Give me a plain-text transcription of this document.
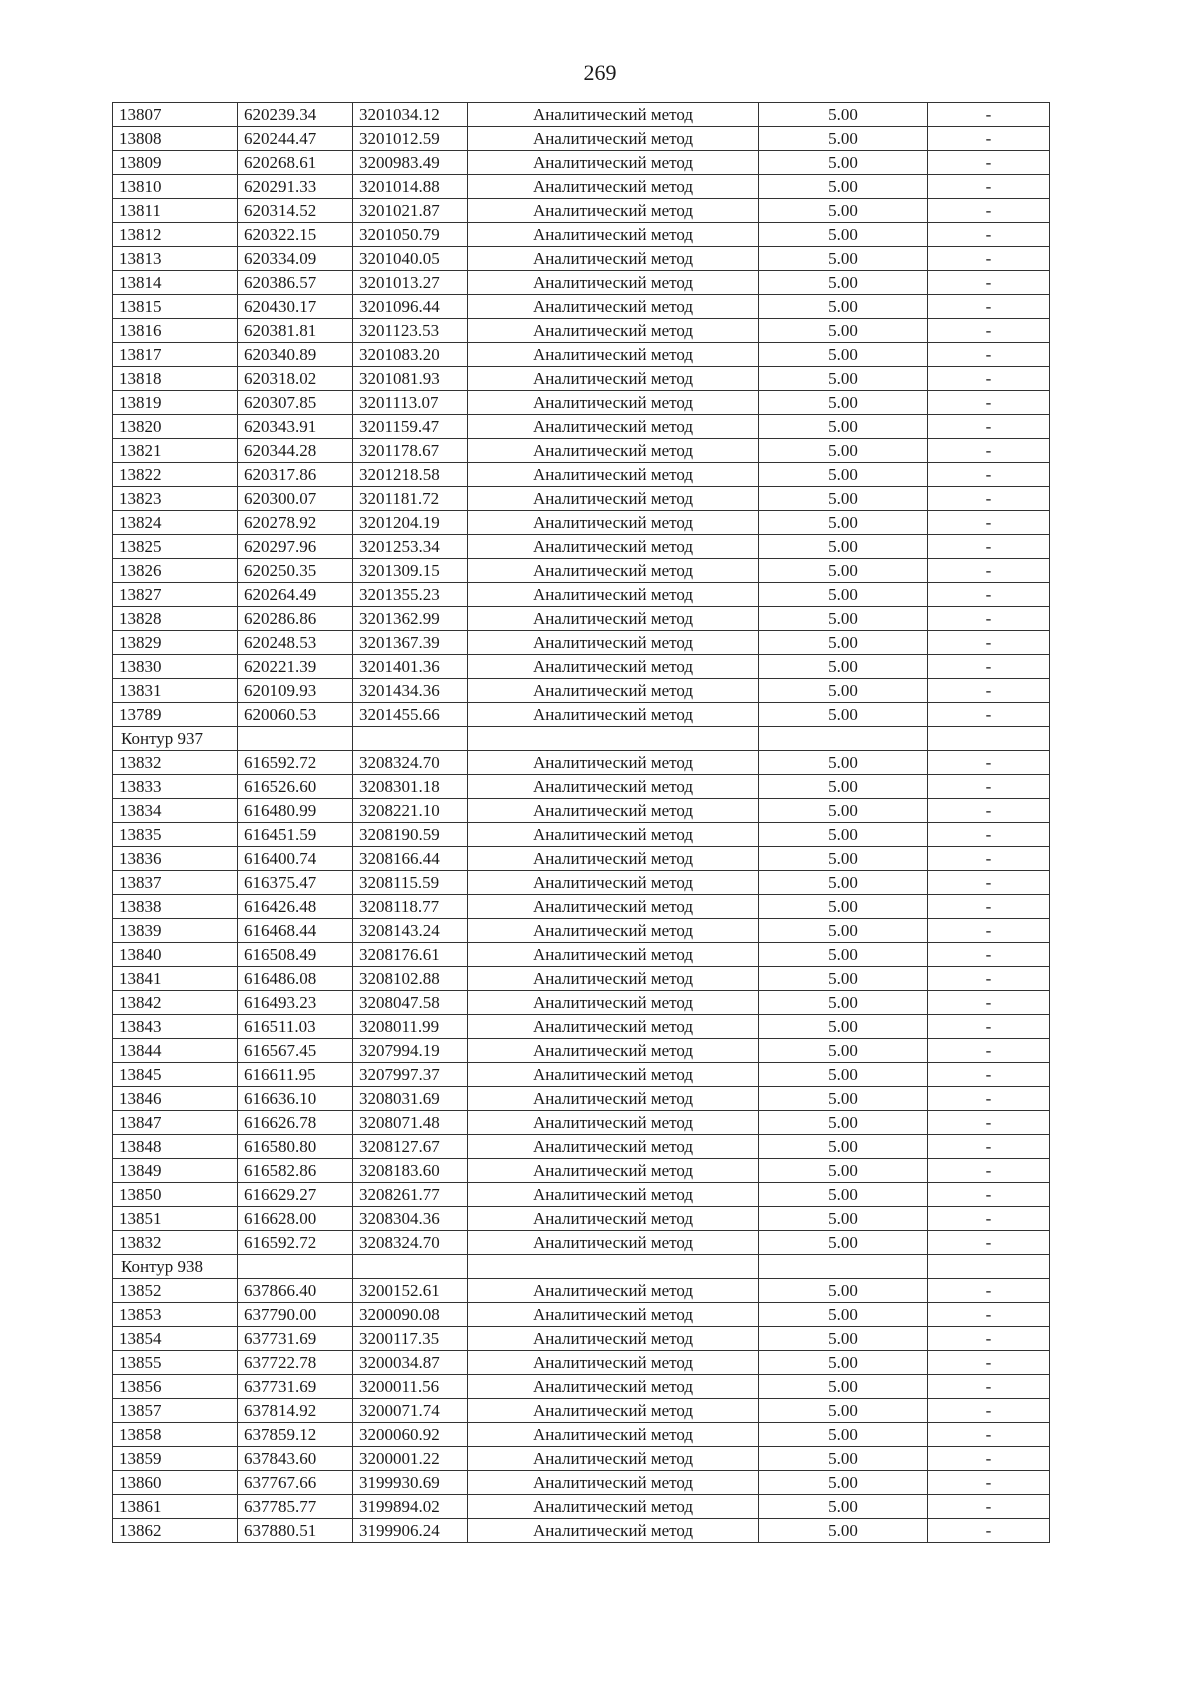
269
13807	620239.34	3201034.12	Аналитический метод	5.00	-
13808	620244.47	3201012.59	Аналитический метод	5.00	-
13809	620268.61	3200983.49	Аналитический метод	5.00	-
13810	620291.33	3201014.88	Аналитический метод	5.00	-
13811	620314.52	3201021.87	Аналитический метод	5.00	-
13812	620322.15	3201050.79	Аналитический метод	5.00	-
13813	620334.09	3201040.05	Аналитический метод	5.00	-
13814	620386.57	3201013.27	Аналитический метод	5.00	-
13815	620430.17	3201096.44	Аналитический метод	5.00	-
13816	620381.81	3201123.53	Аналитический метод	5.00	-
13817	620340.89	3201083.20	Аналитический метод	5.00	-
13818	620318.02	3201081.93	Аналитический метод	5.00	-
13819	620307.85	3201113.07	Аналитический метод	5.00	-
13820	620343.91	3201159.47	Аналитический метод	5.00	-
13821	620344.28	3201178.67	Аналитический метод	5.00	-
13822	620317.86	3201218.58	Аналитический метод	5.00	-
13823	620300.07	3201181.72	Аналитический метод	5.00	-
13824	620278.92	3201204.19	Аналитический метод	5.00	-
13825	620297.96	3201253.34	Аналитический метод	5.00	-
13826	620250.35	3201309.15	Аналитический метод	5.00	-
13827	620264.49	3201355.23	Аналитический метод	5.00	-
13828	620286.86	3201362.99	Аналитический метод	5.00	-
13829	620248.53	3201367.39	Аналитический метод	5.00	-
13830	620221.39	3201401.36	Аналитический метод	5.00	-
13831	620109.93	3201434.36	Аналитический метод	5.00	-
13789	620060.53	3201455.66	Аналитический метод	5.00	-
Контур 937					
13832	616592.72	3208324.70	Аналитический метод	5.00	-
13833	616526.60	3208301.18	Аналитический метод	5.00	-
13834	616480.99	3208221.10	Аналитический метод	5.00	-
13835	616451.59	3208190.59	Аналитический метод	5.00	-
13836	616400.74	3208166.44	Аналитический метод	5.00	-
13837	616375.47	3208115.59	Аналитический метод	5.00	-
13838	616426.48	3208118.77	Аналитический метод	5.00	-
13839	616468.44	3208143.24	Аналитический метод	5.00	-
13840	616508.49	3208176.61	Аналитический метод	5.00	-
13841	616486.08	3208102.88	Аналитический метод	5.00	-
13842	616493.23	3208047.58	Аналитический метод	5.00	-
13843	616511.03	3208011.99	Аналитический метод	5.00	-
13844	616567.45	3207994.19	Аналитический метод	5.00	-
13845	616611.95	3207997.37	Аналитический метод	5.00	-
13846	616636.10	3208031.69	Аналитический метод	5.00	-
13847	616626.78	3208071.48	Аналитический метод	5.00	-
13848	616580.80	3208127.67	Аналитический метод	5.00	-
13849	616582.86	3208183.60	Аналитический метод	5.00	-
13850	616629.27	3208261.77	Аналитический метод	5.00	-
13851	616628.00	3208304.36	Аналитический метод	5.00	-
13832	616592.72	3208324.70	Аналитический метод	5.00	-
Контур 938					
13852	637866.40	3200152.61	Аналитический метод	5.00	-
13853	637790.00	3200090.08	Аналитический метод	5.00	-
13854	637731.69	3200117.35	Аналитический метод	5.00	-
13855	637722.78	3200034.87	Аналитический метод	5.00	-
13856	637731.69	3200011.56	Аналитический метод	5.00	-
13857	637814.92	3200071.74	Аналитический метод	5.00	-
13858	637859.12	3200060.92	Аналитический метод	5.00	-
13859	637843.60	3200001.22	Аналитический метод	5.00	-
13860	637767.66	3199930.69	Аналитический метод	5.00	-
13861	637785.77	3199894.02	Аналитический метод	5.00	-
13862	637880.51	3199906.24	Аналитический метод	5.00	-
